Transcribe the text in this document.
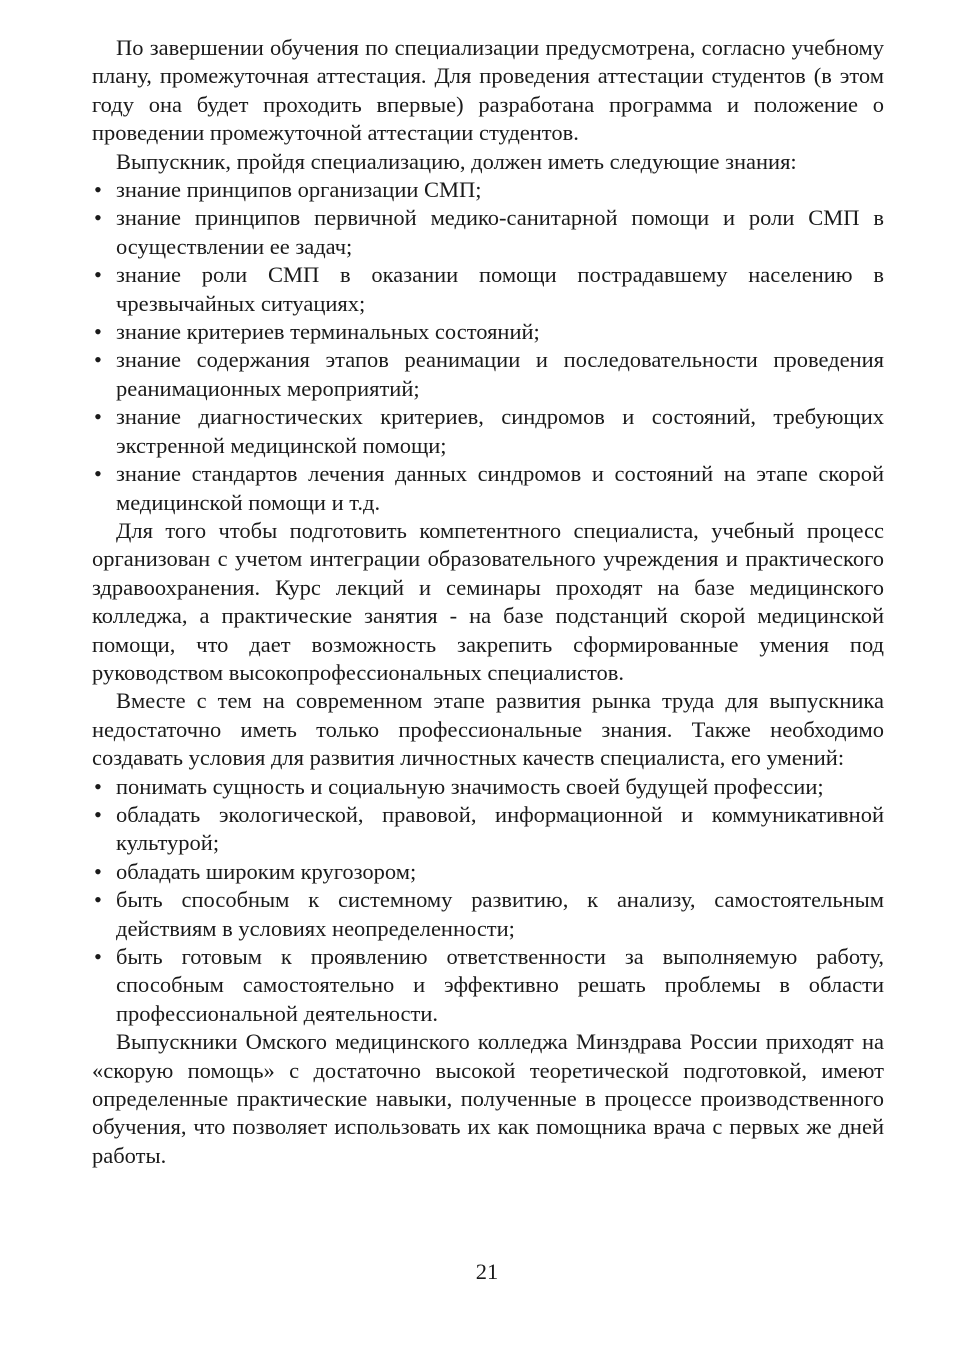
По завершении обучения по специализации предусмотрена, согласно учебному плану, промежуточная аттестация. Для проведения аттестации студентов (в этом году она будет проходить впервые) разработана программа и положение о проведении промежуточной аттестации студентов.

Выпускник, пройдя специализацию, должен иметь следующие знания:

• знание принципов организации СМП;
• знание принципов первичной медико-санитарной помощи и роли СМП в осуществлении ее задач;
• знание роли СМП в оказании помощи пострадавшему населению в чрезвычайных ситуациях;
• знание критериев терминальных состояний;
• знание содержания этапов реанимации и последовательности проведения реанимационных мероприятий;
• знание диагностических критериев, синдромов и состояний, требующих экстренной медицинской помощи;
• знание стандартов лечения данных синдромов и состояний на этапе скорой медицинской помощи и т.д.

Для того чтобы подготовить компетентного специалиста, учебный процесс организован с учетом интеграции образовательного учреждения и практического здравоохранения. Курс лекций и семинары проходят на базе медицинского колледжа, а практические занятия - на базе подстанций скорой медицинской помощи, что дает возможность закрепить сформированные умения под руководством высокопрофессиональных специалистов.

Вместе с тем на современном этапе развития рынка труда для выпускника недостаточно иметь только профессиональные знания. Также необходимо создавать условия для развития личностных качеств специалиста, его умений:

• понимать сущность и социальную значимость своей будущей профессии;
• обладать экологической, правовой, информационной и коммуникативной культурой;
• обладать широким кругозором;
• быть способным к системному развитию, к анализу, самостоятельным действиям в условиях неопределенности;
• быть готовым к проявлению ответственности за выполняемую работу, способным самостоятельно и эффективно решать проблемы в области профессиональной деятельности.

Выпускники Омского медицинского колледжа Минздрава России приходят на «скорую помощь» с достаточно высокой теоретической подготовкой, имеют определенные практические навыки, полученные в процессе производственного обучения, что позволяет использовать их как помощника врача с первых же дней работы.

21
